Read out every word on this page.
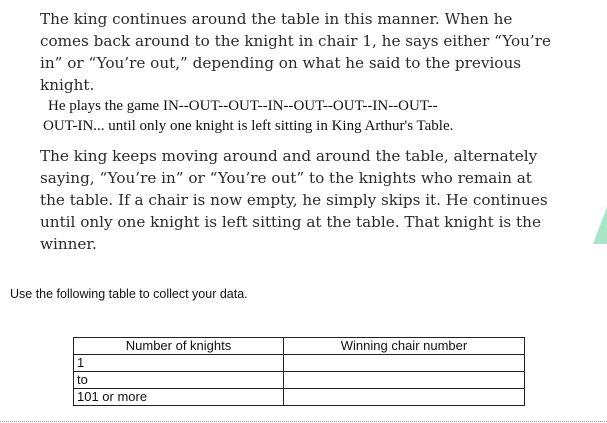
The king continues around the table in this manner. When he comes back around to the knight in chair 1, he says either “You’re in” or “You’re out,” depending on what he said to the previous knight.

He plays the game IN--OUT--OUT--IN--OUT--OUT--IN--OUT--
OUT-IN... until only one knight is left sitting in King Arthur's Table.

The king keeps moving around and around the table, alternately saying, “You’re in” or “You’re out” to the knights who remain at the table. If a chair is now empty, he simply skips it. He continues until only one knight is left sitting at the table. That knight is the winner.

Use the following table to collect your data.
Number of knights	Winning chair number
1	
to	
101 or more	
